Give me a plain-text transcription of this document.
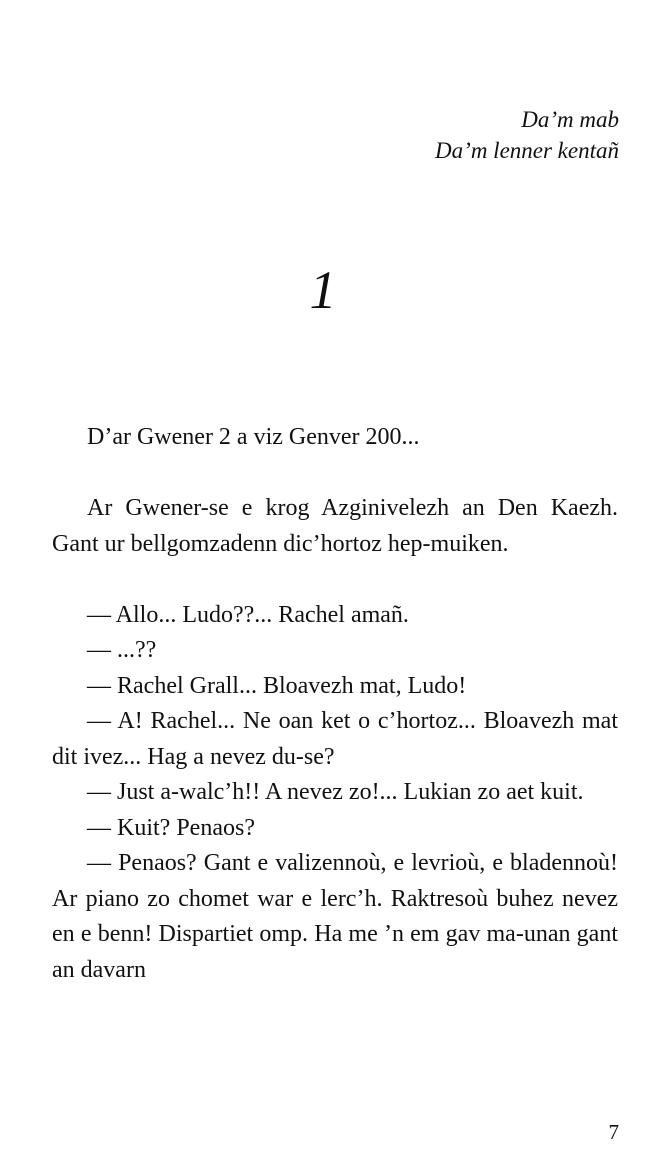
Da’m mab
Da’m lenner kentañ
1

D’ar Gwener 2 a viz Genver 200...

Ar Gwener-se e krog Azginivelezh an Den Kaezh. Gant ur bellgomzadenn dic’hortoz hep-muiken.

— Allo... Ludo??... Rachel amañ.

— ...??

— Rachel Grall... Bloavezh mat, Ludo!

— A! Rachel... Ne oan ket o c’hortoz... Bloavezh mat dit ivez... Hag a nevez du-se?

— Just a-walc’h!! A nevez zo!... Lukian zo aet kuit.

— Kuit? Penaos?

— Penaos? Gant e valizennoù, e levrioù, e bladennoù! Ar piano zo chomet war e lerc’h. Raktresoù buhez nevez en e benn! Dispartiet omp. Ha me ’n em gav ma-unan gant an davarn

7
